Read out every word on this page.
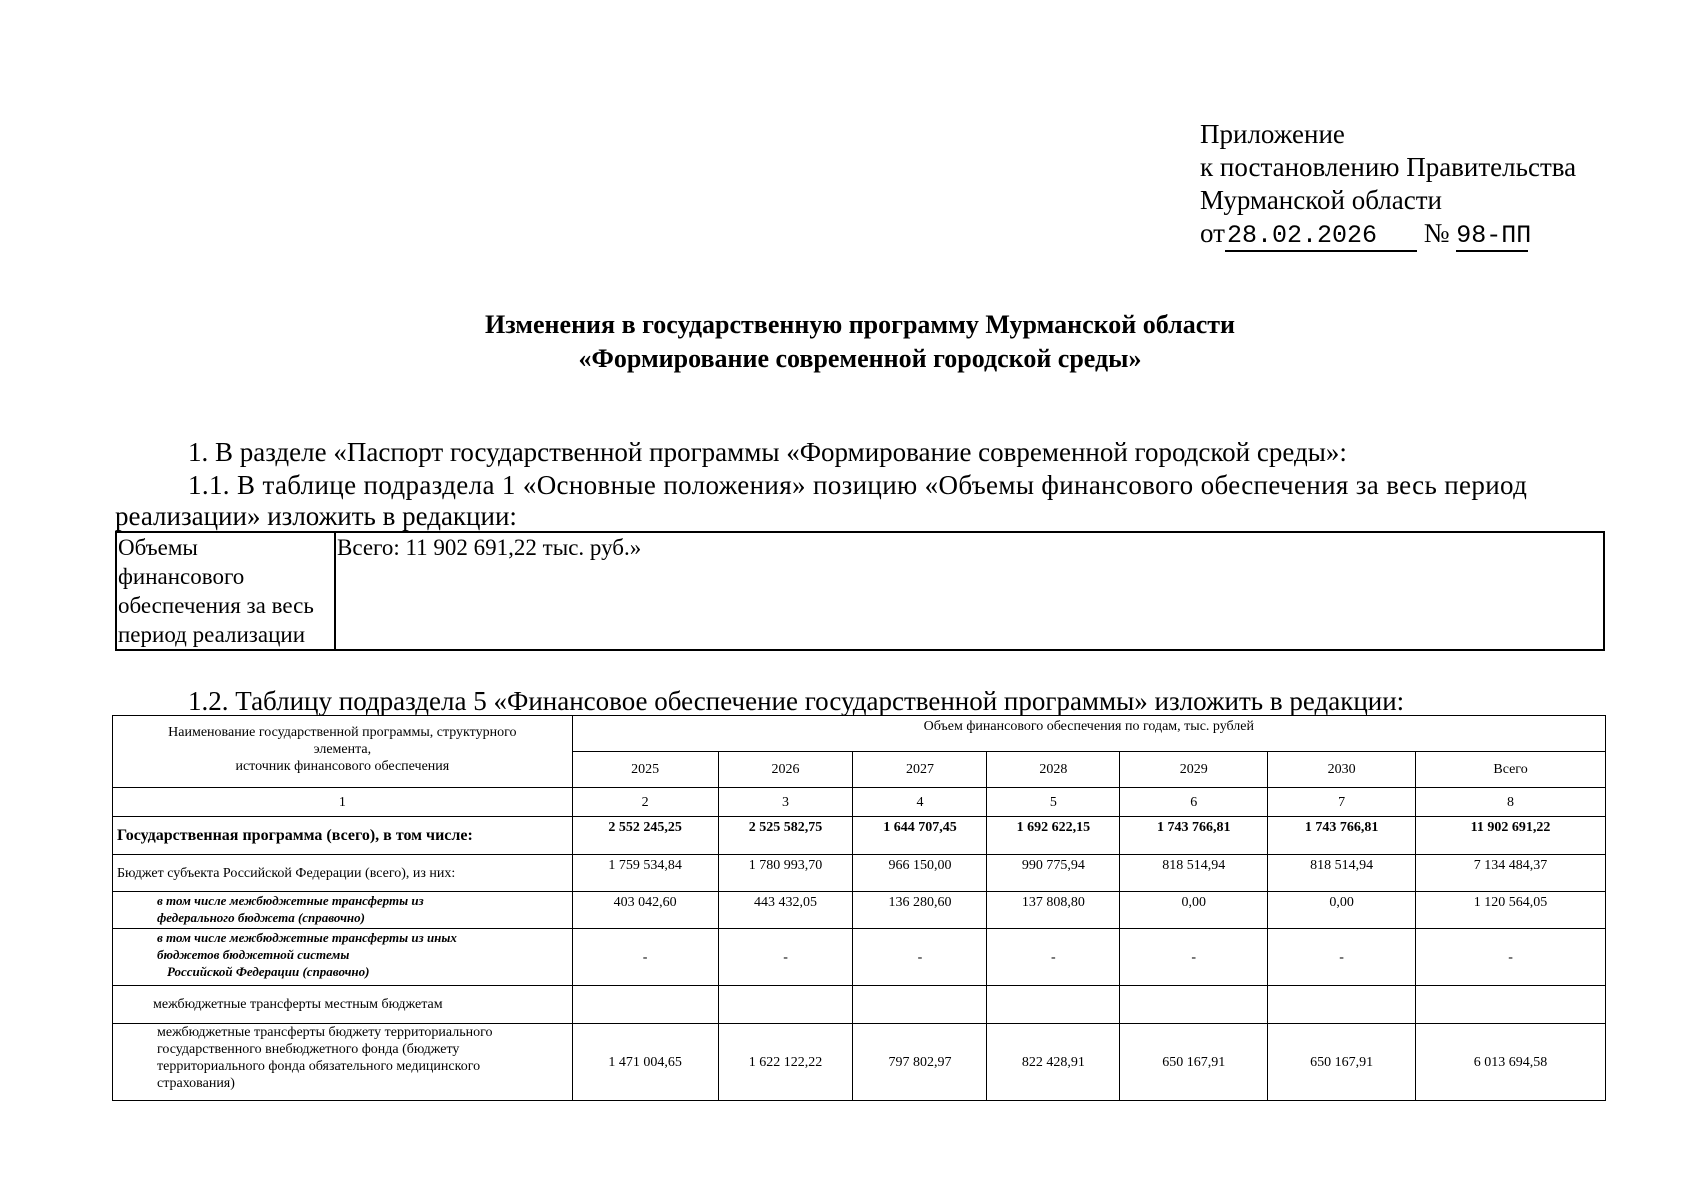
Приложение
к постановлению Правительства
Мурманской области
от28.02.2026 № 98-ПП
Изменения в государственную программу Мурманской области
«Формирование современной городской среды»
1. В разделе «Паспорт государственной программы «Формирование современной городской среды»:
1.1. В таблице подраздела 1 «Основные положения» позицию «Объемы финансового обеспечения за весь период
реализации» изложить в редакции:
Объемы
финансового
обеспечения за весь
период реализации
	Всего: 11 902 691,22 тыс. руб.»
1.2. Таблицу подраздела 5 «Финансовое обеспечение государственной программы» изложить в редакции:
Наименование государственной программы, структурного
элемента,
источник финансового обеспечения	Объем финансового обеспечения по годам, тыс. рублей						
	2025	2026	2027	2028	2029	2030	Всего
1	2	3	4	5	6	7	8
Государственная программа (всего), в том числе:	2 552 245,25	2 525 582,75	1 644 707,45	1 692 622,15	1 743 766,81	1 743 766,81	11 902 691,22
Бюджет субъекта Российской Федерации (всего), из них:	1 759 534,84	1 780 993,70	966 150,00	990 775,94	818 514,94	818 514,94	7 134 484,37

в том числе межбюджетные трансферты из
федерального бюджета (справочно)	403 042,60	443 432,05	136 280,60	137 808,80	0,00	0,00	1 120 564,05

в том числе межбюджетные трансферты из иных
бюджетов бюджетной системы
Российской Федерации (справочно)	-	-	-	-	-	-	-
межбюджетные трансферты местным бюджетам							

межбюджетные трансферты бюджету территориального
государственного внебюджетного фонда (бюджету
территориального фонда обязательного медицинского
страхования)	1 471 004,65	1 622 122,22	797 802,97	822 428,91	650 167,91	650 167,91	6 013 694,58
